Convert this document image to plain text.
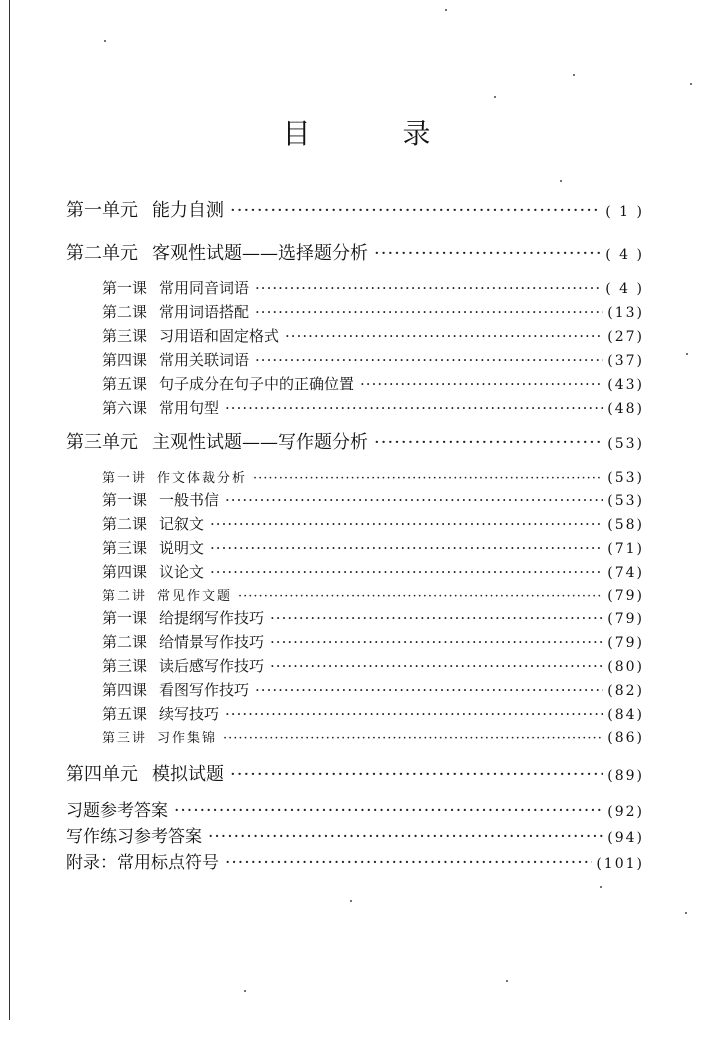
目　录
第一单元 能力自测 ·····	( 1 )
第二单元 客观性试题——选择题分析 ·····	( 4 )
第一课 常用同音词语 ·····	( 4 )
第二课 常用词语搭配 ·····	(13)
第三课 习用语和固定格式 ·····	(27)
第四课 常用关联词语 ·····	(37)
第五课 句子成分在句子中的正确位置 ·····	(43)
第六课 常用句型 ·····	(48)
第三单元 主观性试题——写作题分析 ·····	(53)
第一讲 作文体裁分析 ·····	(53)
第一课 一般书信 ·····	(53)
第二课 记叙文 ·····	(58)
第三课 说明文 ·····	(71)
第四课 议论文 ·····	(74)
第二讲 常见作文题 ·····	(79)
第一课 给提纲写作技巧 ·····	(79)
第二课 给情景写作技巧 ·····	(79)
第三课 读后感写作技巧 ·····	(80)
第四课 看图写作技巧 ·····	(82)
第五课 续写技巧 ·····	(84)
第三讲 习作集锦 ·····	(86)
第四单元 模拟试题 ·····	(89)
习题参考答案 ·····	(92)
写作练习参考答案 ·····	(94)
附录：常用标点符号 ·····	(101)
